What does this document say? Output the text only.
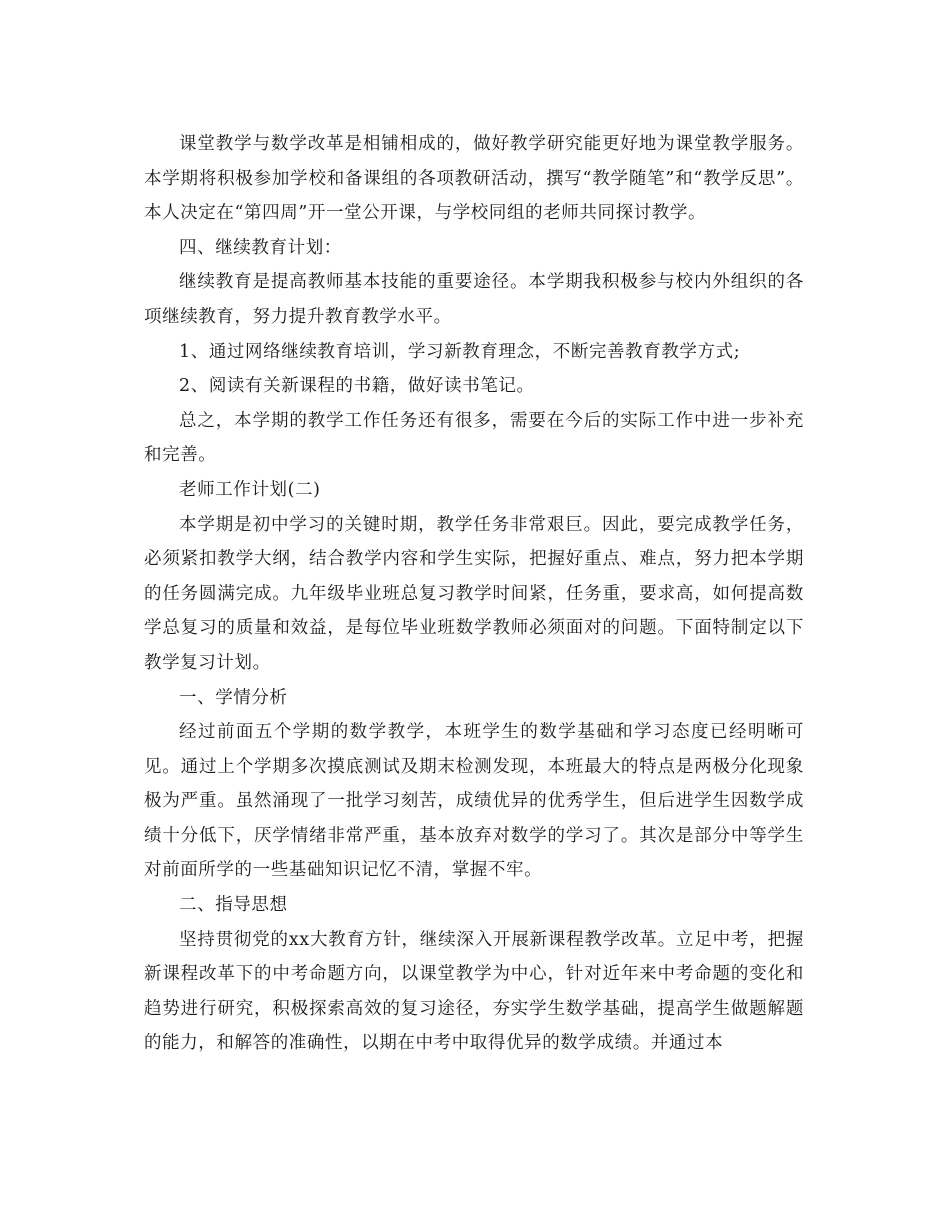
课堂教学与数学改革是相铺相成的，做好教学研究能更好地为课堂教学服务。本学期将积极参加学校和备课组的各项教研活动，撰写“教学随笔”和“教学反思”。 本人决定在“第四周”开一堂公开课，与学校同组的老师共同探讨教学。

四、继续教育计划：

继续教育是提高教师基本技能的重要途径。本学期我积极参与校内外组织的各项继续教育，努力提升教育教学水平。

1、通过网络继续教育培训，学习新教育理念，不断完善教育教学方式;

2、阅读有关新课程的书籍，做好读书笔记。

总之，本学期的教学工作任务还有很多，需要在今后的实际工作中进一步补充和完善。

老师工作计划(二)

本学期是初中学习的关键时期，教学任务非常艰巨。因此，要完成教学任务，必须紧扣教学大纲，结合教学内容和学生实际，把握好重点、难点，努力把本学期的任务圆满完成。九年级毕业班总复习教学时间紧，任务重，要求高，如何提高数学总复习的质量和效益，是每位毕业班数学教师必须面对的问题。下面特制定以下教学复习计划。

一、学情分析

经过前面五个学期的数学教学，本班学生的数学基础和学习态度已经明晰可见。通过上个学期多次摸底测试及期末检测发现，本班最大的特点是两极分化现象极为严重。虽然涌现了一批学习刻苦，成绩优异的优秀学生，但后进学生因数学成绩十分低下，厌学情绪非常严重，基本放弃对数学的学习了。其次是部分中等学生对前面所学的一些基础知识记忆不清，掌握不牢。

二、指导思想

坚持贯彻党的xx大教育方针，继续深入开展新课程教学改革。立足中考，把握新课程改革下的中考命题方向，以课堂教学为中心，针对近年来中考命题的变化和趋势进行研究，积极探索高效的复习途径，夯实学生数学基础，提高学生做题解题的能力，和解答的准确性，以期在中考中取得优异的数学成绩。并通过本
